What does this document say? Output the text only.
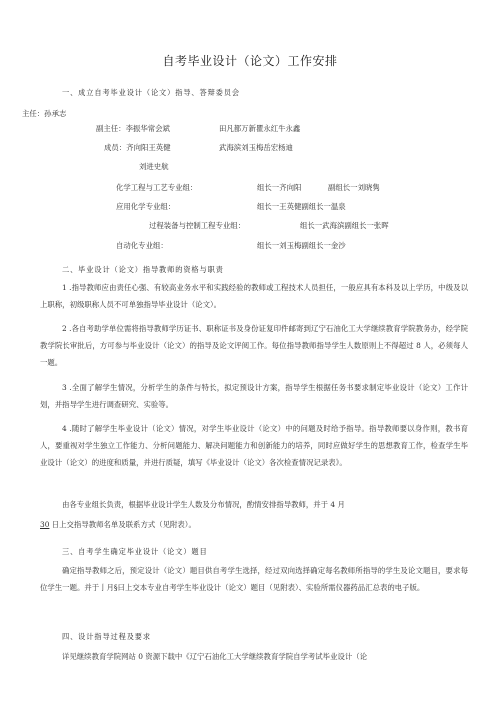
自考毕业设计（论文）工作安排
一、成立自考毕业设计（论文）指导、答辩委员会
主任：孙承志
副主任：李振华常会斌	田凡都万新瞿永红牛永鑫
成员：齐向阳王英健	武海滨刘玉梅岳宏杨迪
刘进史航
化学工程与工艺专业组：	组长一齐向阳	副组长一刘晓隽
应用化学专业组：	组长一王英健副组长一温泉
过程装备与控制工程专业组：	组长一武海滨副组长一张晖
自动化专业组：	组长一刘玉梅副组长一金沙
二、毕业设计（论文）指导教师的资格与职责

1 .指导教师应由责任心强、有较高业务水平和实践经验的教师或工程技术人员担任，一般应具有本科及以上学历，中级及以上职称，初级职称人员不可单独指导毕业设计（论文）。

2 .各自考助学单位需将指导教师学历证书、职称证书及身份证复印件邮寄到辽宁石油化工大学继续教育学院教务办，经学院教学院长审批后，方可参与毕业设计（论文）的指导及论文评阅工作。每位指导教师指导学生人数原则上不得超过 8 人，必须每人一题。

3 .全面了解学生情况，分析学生的条件与特长，拟定预设计方案，指导学生根据任务书要求制定毕业设计（论文）工作计划，并指导学生进行调查研究、实验等。

4 .随时了解学生毕业设计（论文）情况，对学生毕业设计（论文）中的问题及时给予指导。指导教师要以身作则，教书育人，要重视对学生独立工作能力、分析问题能力、解决问题能力和创新能力的培养，同时应做好学生的思想教育工作，检查学生毕业设计（论文）的进度和质量，并进行质疑，填写《毕业设计（论文）各次检查情况记录表》。

由各专业组长负责，根据毕业设计学生人数及分布情况，酌情安排指导教师，并于 4 月

30 日上交指导教师名单及联系方式（见附表）。

三、自考学生确定毕业设计（论文）题目

确定指导教师之后，预定设计（论文）题目供自考学生选择，经过双向选择确定每名教师所指导的学生及论文题目，要求每位学生一题。并于亅月§曰上交本专业自考学生毕业设计（论文）题目（见附表）、实验所需仪器药品汇总表的电子版。

四、设计指导过程及要求

详见继续教育学院网站 0 资源下载中《辽宁石油化工大学继续教育学院自学考试毕业设计（论
